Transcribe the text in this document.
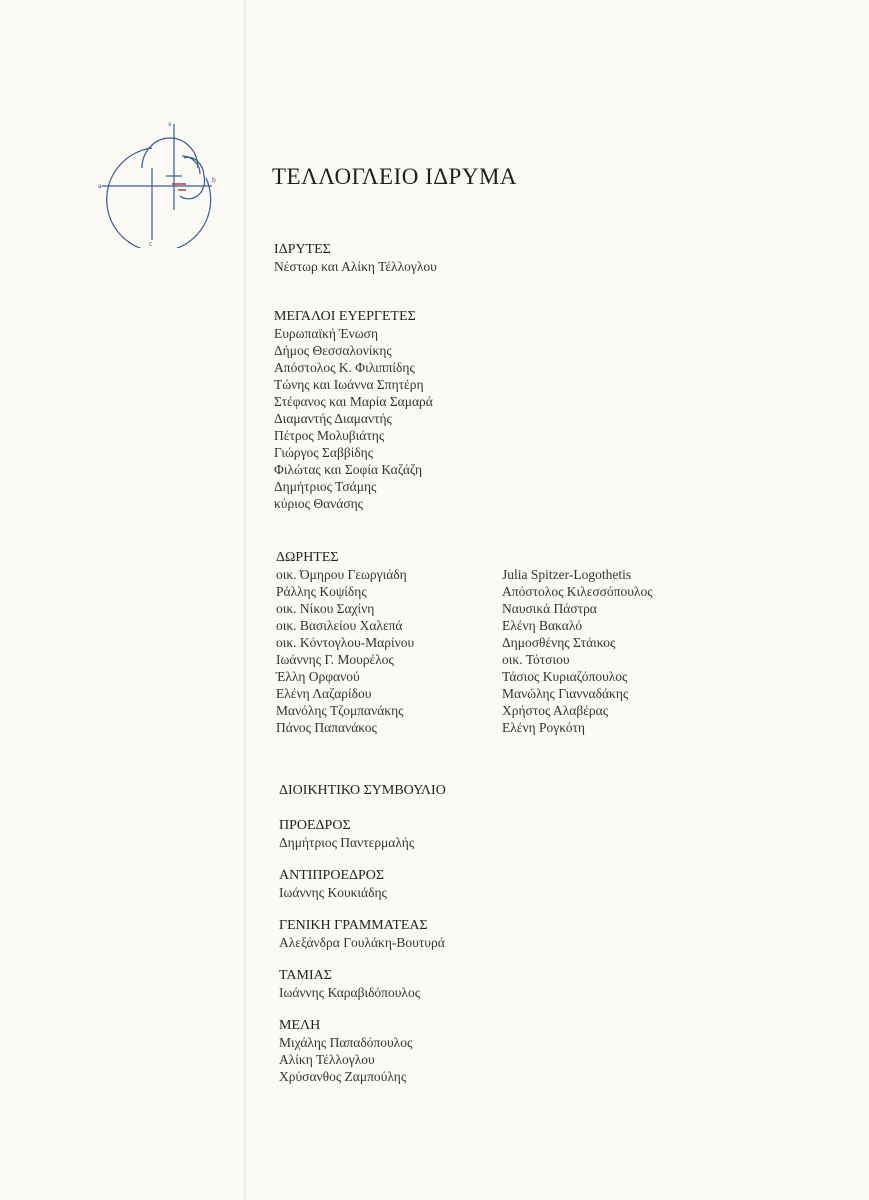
x
a
b
c
ΤΕΛΛΟΓΛΕΙΟ ΙΔΡΥΜΑ
ΙΔΡΥΤΕΣ
Νέστωρ και Αλίκη Τέλλογλου
ΜΕΓΑΛΟΙ ΕΥΕΡΓΕΤΕΣ
Ευρωπαϊκή Ένωση
Δήμος Θεσσαλονίκης
Απόστολος Κ. Φιλιππίδης
Τώνης και Ιωάννα Σπητέρη
Στέφανος και Μαρία Σαμαρά
Διαμαντής Διαμαντής
Πέτρος Μολυβιάτης
Γιώργος Σαββίδης
Φιλώτας και Σοφία Καζάζη
Δημήτριος Τσάμης
κύριος Θανάσης
ΔΩΡΗΤΕΣ
οικ. Όμηρου Γεωργιάδη
Ράλλης Κοψίδης
οικ. Νίκου Σαχίνη
οικ. Βασιλείου Χαλεπά
οικ. Κόντογλου-Μαρίνου
Ιωάννης Γ. Μουρέλος
Έλλη Ορφανού
Ελένη Λαζαρίδου
Μανόλης Τζομπανάκης
Πάνος Παπανάκος
Julia Spitzer-Logothetis
Απόστολος Κιλεσσόπουλος
Ναυσικά Πάστρα
Ελένη Βακαλό
Δημοσθένης Στάικος
οικ. Τότσιου
Τάσιος Κυριαζόπουλος
Μανώλης Γιανναδάκης
Χρήστος Αλαβέρας
Ελένη Ρογκότη
ΔΙΟΙΚΗΤΙΚΟ ΣΥΜΒΟΥΛΙΟ
ΠΡΟΕΔΡΟΣ
Δημήτριος Παντερμαλής
ΑΝΤΙΠΡΟΕΔΡΟΣ
Ιωάννης Κουκιάδης
ΓΕΝΙΚΗ ΓΡΑΜΜΑΤΕΑΣ
Αλεξάνδρα Γουλάκη-Βουτυρά
ΤΑΜΙΑΣ
Ιωάννης Καραβιδόπουλος
ΜΕΛΗ
Μιχάλης Παπαδόπουλος
Αλίκη Τέλλογλου
Χρύσανθος Ζαμπούλης
